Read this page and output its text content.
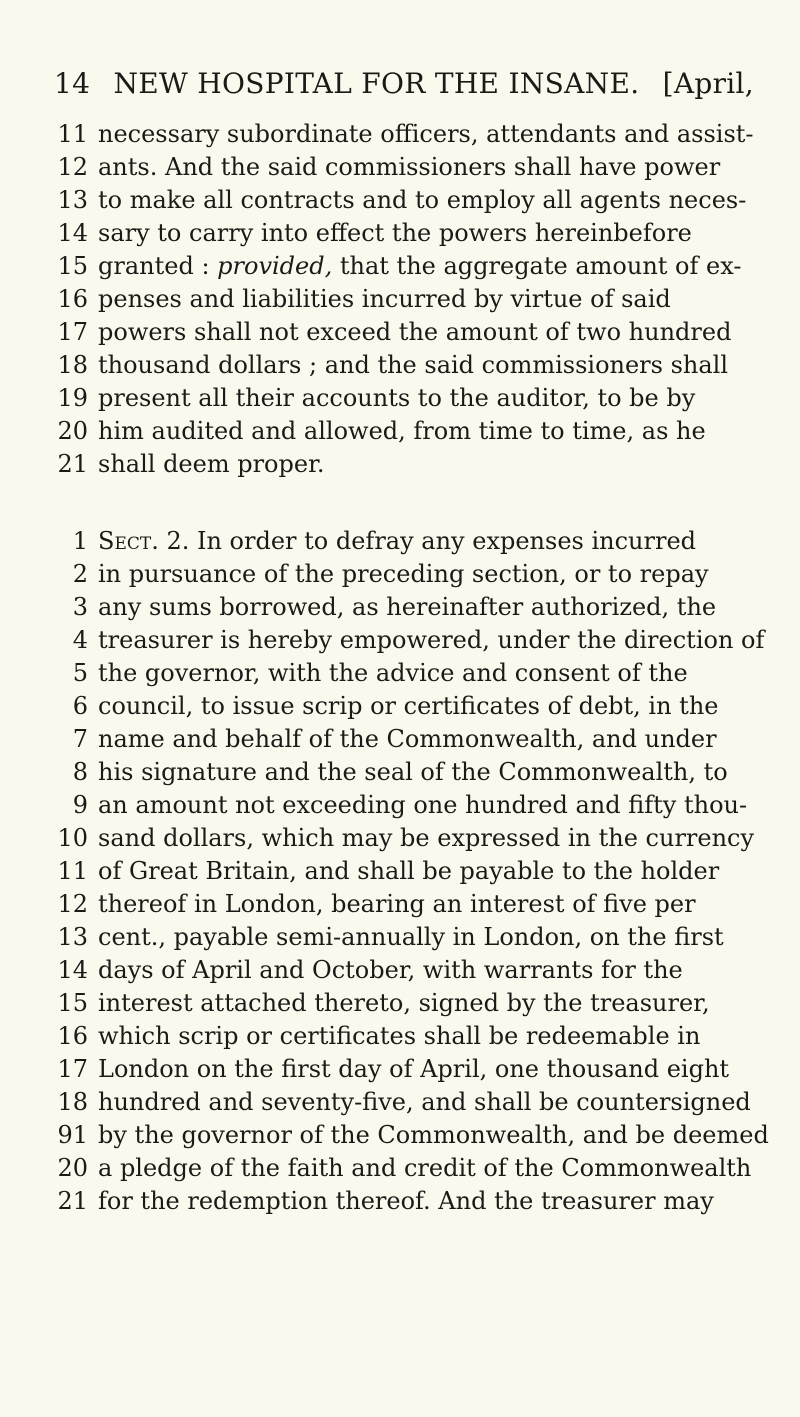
14 NEW HOSPITAL FOR THE INSANE. [April,
11 necessary subordinate officers, attendants and assist-
12 ants. And the said commissioners shall have power
13 to make all contracts and to employ all agents neces-
14 sary to carry into effect the powers hereinbefore
15 granted : provided, that the aggregate amount of ex-
16 penses and liabilities incurred by virtue of said
17 powers shall not exceed the amount of two hundred
18 thousand dollars ; and the said commissioners shall
19 present all their accounts to the auditor, to be by
20 him audited and allowed, from time to time, as he
21 shall deem proper.
1 Sect. 2. In order to defray any expenses incurred
2 in pursuance of the preceding section, or to repay
3 any sums borrowed, as hereinafter authorized, the
4 treasurer is hereby empowered, under the direction of
5 the governor, with the advice and consent of the
6 council, to issue scrip or certificates of debt, in the
7 name and behalf of the Commonwealth, and under
8 his signature and the seal of the Commonwealth, to
9 an amount not exceeding one hundred and fifty thou-
10 sand dollars, which may be expressed in the currency
11 of Great Britain, and shall be payable to the holder
12 thereof in London, bearing an interest of five per
13 cent., payable semi-annually in London, on the first
14 days of April and October, with warrants for the
15 interest attached thereto, signed by the treasurer,
16 which scrip or certificates shall be redeemable in
17 London on the first day of April, one thousand eight
18 hundred and seventy-five, and shall be countersigned
91 by the governor of the Commonwealth, and be deemed
20 a pledge of the faith and credit of the Commonwealth
21 for the redemption thereof. And the treasurer may
